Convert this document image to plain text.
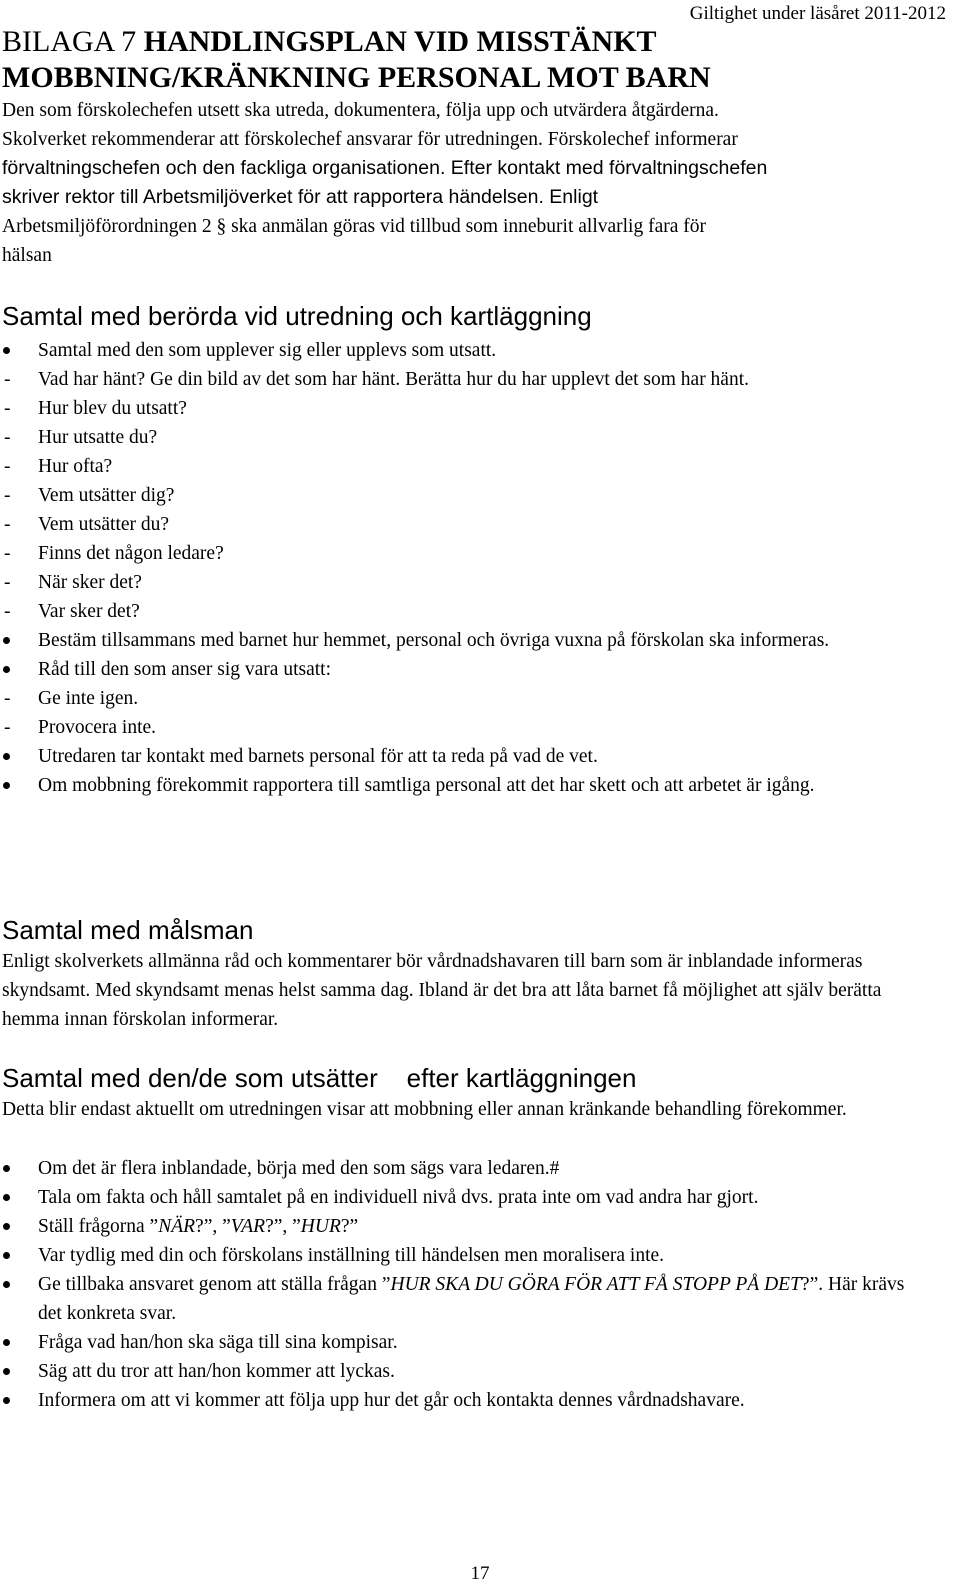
Giltighet under läsåret 2011-2012
BILAGA 7 HANDLINGSPLAN VID MISSTÄNKT
MOBBNING/KRÄNKNING PERSONAL MOT BARN

Den som förskolechefen utsett ska utreda, dokumentera, följa upp och utvärdera åtgärderna.

Skolverket rekommenderar att förskolechef ansvarar för utredningen. Förskolechef informerar

förvaltningschefen och den fackliga organisationen. Efter kontakt med förvaltningschefen

skriver rektor till Arbetsmiljöverket för att rapportera händelsen. Enligt

Arbetsmiljöförordningen 2 § ska anmälan göras vid tillbud som inneburit allvarlig fara för

hälsan

Samtal med berörda vid utredning och kartläggning
Samtal med den som upplever sig eller upplevs som utsatt.
- Vad har hänt? Ge din bild av det som har hänt. Berätta hur du har upplevt det som har hänt.
- Hur blev du utsatt?
- Hur utsatte du?
- Hur ofta?
- Vem utsätter dig?
- Vem utsätter du?
- Finns det någon ledare?
- När sker det?
- Var sker det?
Bestäm tillsammans med barnet hur hemmet, personal och övriga vuxna på förskolan ska informeras.
Råd till den som anser sig vara utsatt:
- Ge inte igen.
- Provocera inte.
Utredaren tar kontakt med barnets personal för att ta reda på vad de vet.
Om mobbning förekommit rapportera till samtliga personal att det har skett och att arbetet är igång.
Samtal med målsman

Enligt skolverkets allmänna råd och kommentarer bör vårdnadshavaren till barn som är inblandade informeras skyndsamt. Med skyndsamt menas helst samma dag. Ibland är det bra att låta barnet få möjlighet att själv berätta hemma innan förskolan informerar.

Samtal med den/de som utsätter    efter kartläggningen

Detta blir endast aktuellt om utredningen visar att mobbning eller annan kränkande behandling förekommer.

Om det är flera inblandade, börja med den som sägs vara ledaren.#
Tala om fakta och håll samtalet på en individuell nivå dvs. prata inte om vad andra har gjort.
Ställ frågorna ”NÄR?”, ”VAR?”, ”HUR?”
Var tydlig med din och förskolans inställning till händelsen men moralisera inte.
Ge tillbaka ansvaret genom att ställa frågan ”HUR SKA DU GÖRA FÖR ATT FÅ STOPP PÅ DET?”. Här krävs det konkreta svar.
Fråga vad han/hon ska säga till sina kompisar.
Säg att du tror att han/hon kommer att lyckas.
Informera om att vi kommer att följa upp hur det går och kontakta dennes vårdnadshavare.
17
